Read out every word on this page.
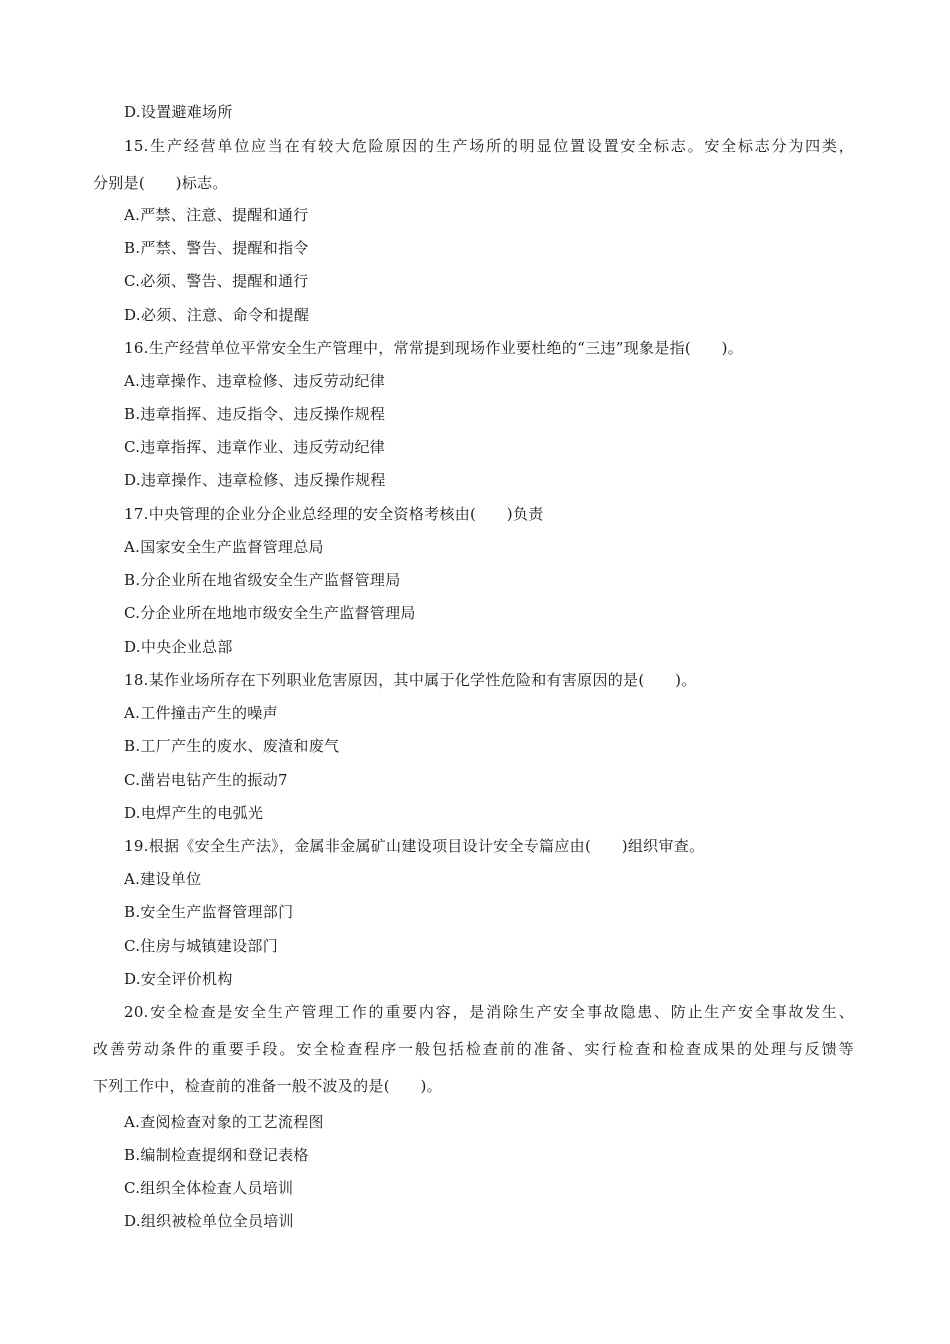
D.设置避难场所
15.生产经营单位应当在有较大危险原因的生产场所的明显位置设置安全标志。安全标志分为四类，
分别是(　　)标志。
A.严禁、注意、提醒和通行
B.严禁、警告、提醒和指令
C.必须、警告、提醒和通行
D.必须、注意、命令和提醒
16.生产经营单位平常安全生产管理中，常常提到现场作业要杜绝的“三违”现象是指(　　)。
A.违章操作、违章检修、违反劳动纪律
B.违章指挥、违反指令、违反操作规程
C.违章指挥、违章作业、违反劳动纪律
D.违章操作、违章检修、违反操作规程
17.中央管理的企业分企业总经理的安全资格考核由(　　)负责
A.国家安全生产监督管理总局
B.分企业所在地省级安全生产监督管理局
C.分企业所在地地市级安全生产监督管理局
D.中央企业总部
18.某作业场所存在下列职业危害原因，其中属于化学性危险和有害原因的是(　　)。
A.工件撞击产生的噪声
B.工厂产生的废水、废渣和废气
C.凿岩电钻产生的振动7
D.电焊产生的电弧光
19.根据《安全生产法》，金属非金属矿山建设项目设计安全专篇应由(　　)组织审查。
A.建设单位
B.安全生产监督管理部门
C.住房与城镇建设部门
D.安全评价机构
20.安全检查是安全生产管理工作的重要内容，是消除生产安全事故隐患、防止生产安全事故发生、
改善劳动条件的重要手段。安全检查程序一般包括检查前的准备、实行检查和检查成果的处理与反馈等
下列工作中，检查前的准备一般不波及的是(　　)。
A.查阅检查对象的工艺流程图
B.编制检查提纲和登记表格
C.组织全体检查人员培训
D.组织被检单位全员培训
